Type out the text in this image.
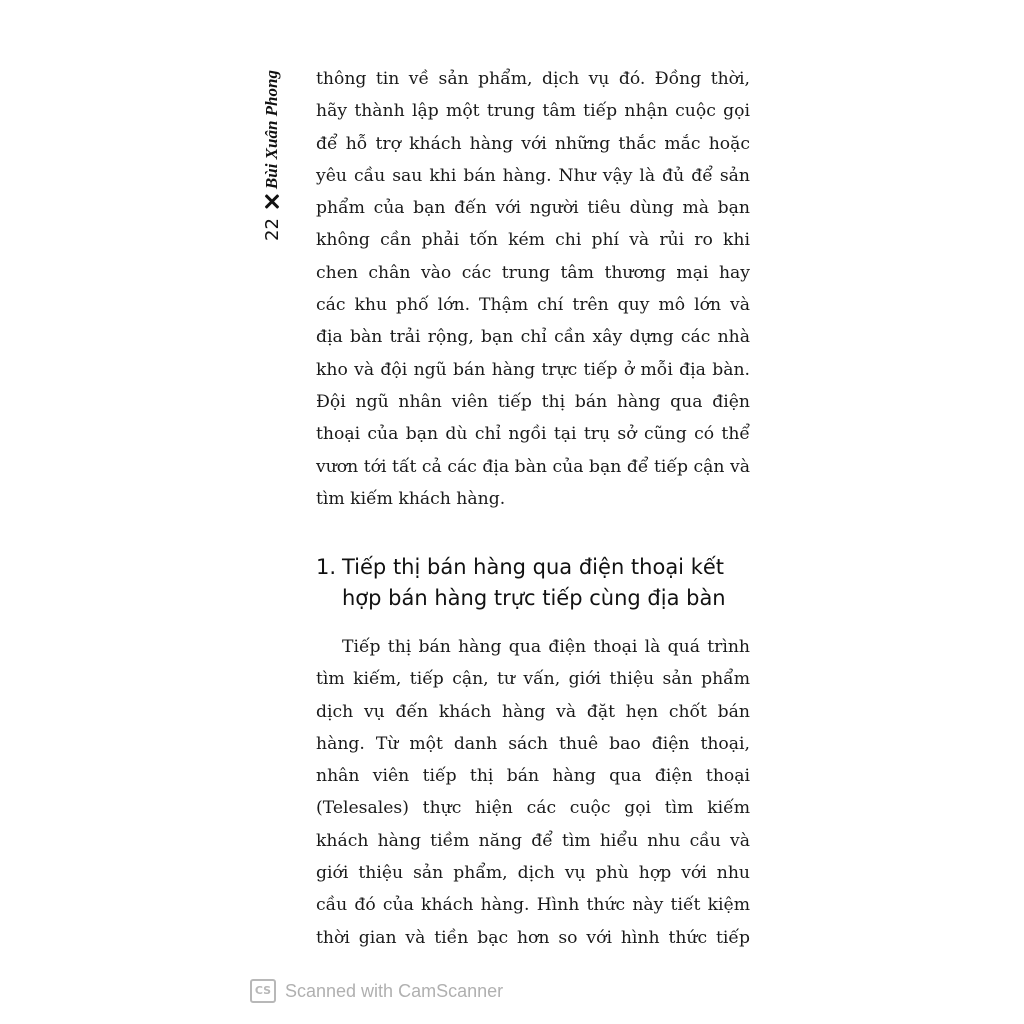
22
Bùi Xuân Phong thông tin về sản phẩm, dịch vụ đó. Đồng thời,
hãy thành lập một trung tâm tiếp nhận cuộc gọi
để hỗ trợ khách hàng với những thắc mắc hoặc
yêu cầu sau khi bán hàng. Như vậy là đủ để sản
phẩm của bạn đến với người tiêu dùng mà bạn
không cần phải tốn kém chi phí và rủi ro khi
chen chân vào các trung tâm thương mại hay
các khu phố lớn. Thậm chí trên quy mô lớn và
địa bàn trải rộng, bạn chỉ cần xây dựng các nhà
kho và đội ngũ bán hàng trực tiếp ở mỗi địa bàn.
Đội ngũ nhân viên tiếp thị bán hàng qua điện
thoại của bạn dù chỉ ngồi tại trụ sở cũng có thể
vươn tới tất cả các địa bàn của bạn để tiếp cận và
tìm kiếm khách hàng.

1. Tiếp thị bán hàng qua điện thoại kết
hợp bán hàng trực tiếp cùng địa bàn

Tiếp thị bán hàng qua điện thoại là quá trình
tìm kiếm, tiếp cận, tư vấn, giới thiệu sản phẩm
dịch vụ đến khách hàng và đặt hẹn chốt bán
hàng. Từ một danh sách thuê bao điện thoại,
nhân viên tiếp thị bán hàng qua điện thoại
(Telesales) thực hiện các cuộc gọi tìm kiếm
khách hàng tiềm năng để tìm hiểu nhu cầu và
giới thiệu sản phẩm, dịch vụ phù hợp với nhu
cầu đó của khách hàng. Hình thức này tiết kiệm
thời gian và tiền bạc hơn so với hình thức tiếp

CS Scanned with CamScanner
